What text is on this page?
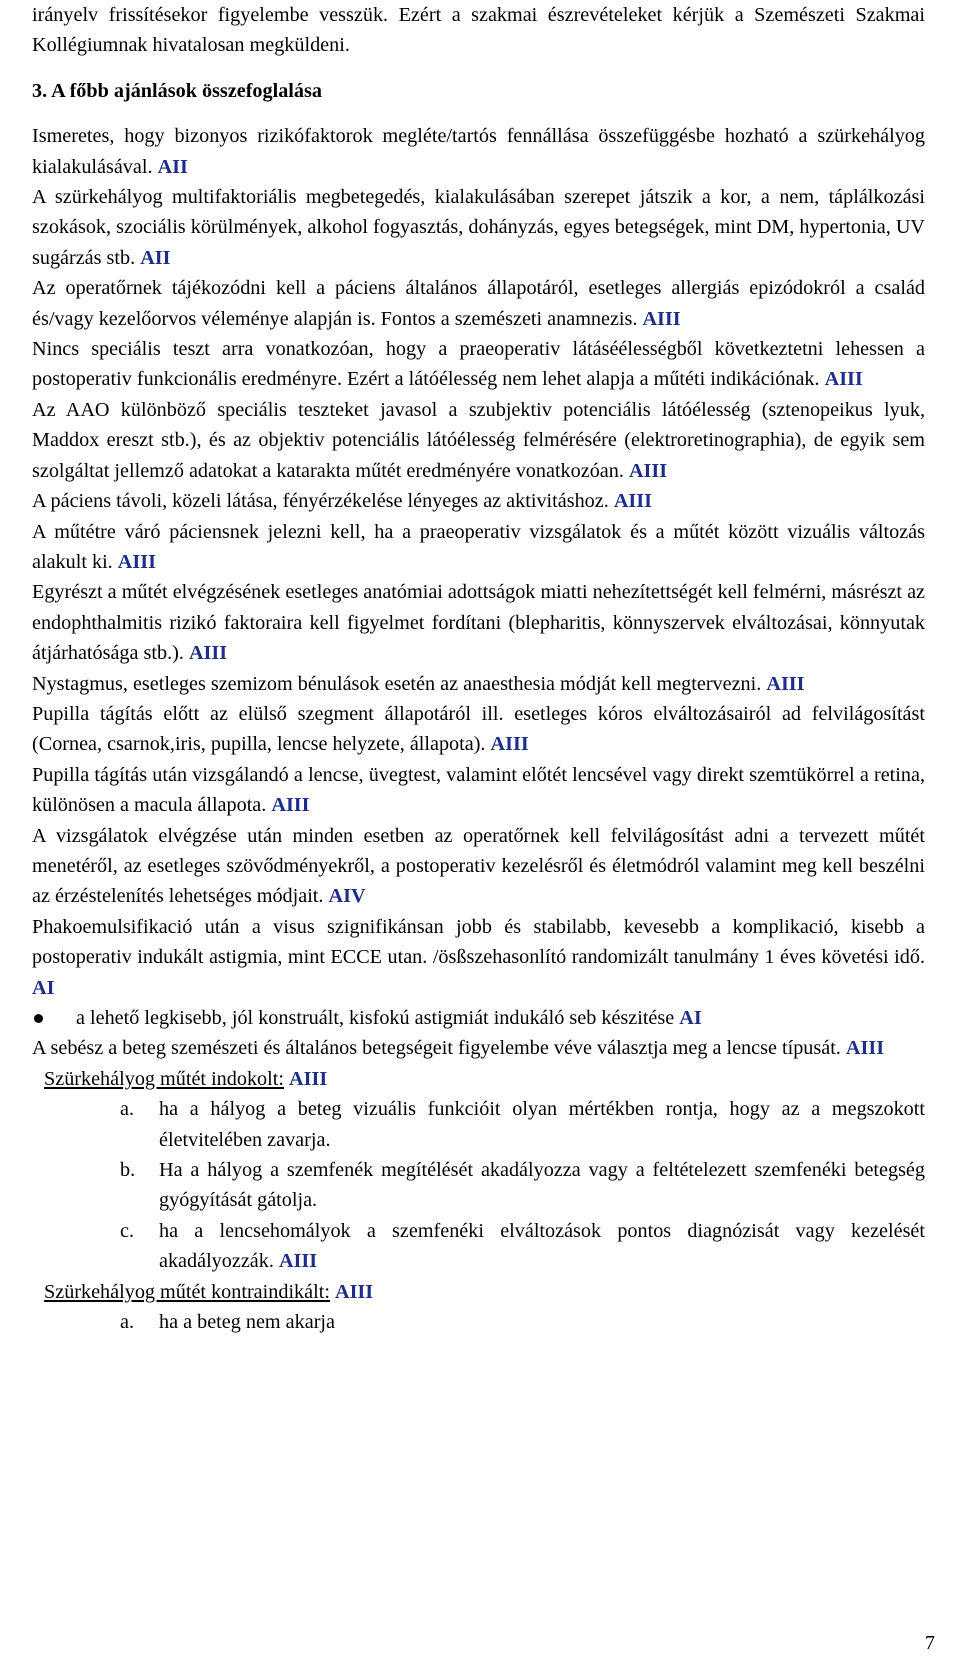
irányelv frissítésekor figyelembe vesszük. Ezért a szakmai észrevételeket kérjük a Szemészeti Szakmai Kollégiumnak hivatalosan megküldeni.

3. A főbb ajánlások összefoglalása

Ismeretes, hogy bizonyos rizikófaktorok megléte/tartós fennállása összefüggésbe hozható a szürkehályog kialakulásával. AII

A szürkehályog multifaktoriális megbetegedés, kialakulásában szerepet játszik a kor, a nem, táplálkozási szokások, szociális körülmények, alkohol fogyasztás, dohányzás, egyes betegségek, mint DM, hypertonia, UV sugárzás stb. AII

Az operatőrnek tájékozódni kell a páciens általános állapotáról, esetleges allergiás epizódokról a család és/vagy kezelőorvos véleménye alapján is. Fontos a szemészeti anamnezis. AIII

Nincs speciális teszt arra vonatkozóan, hogy a praeoperativ látáséélességből következtetni lehessen a postoperativ funkcionális eredményre. Ezért a látóélesség nem lehet alapja a műtéti indikációnak. AIII

Az AAO különböző speciális teszteket javasol a szubjektiv potenciális látóélesség (sztenopeikus lyuk, Maddox ereszt stb.), és az objektiv potenciális látóélesség felmérésére (elektroretinographia), de egyik sem szolgáltat jellemző adatokat a katarakta műtét eredményére vonatkozóan. AIII

A páciens távoli, közeli látása, fényérzékelése lényeges az aktivitáshoz. AIII

A műtétre váró páciensnek jelezni kell, ha a praeoperativ vizsgálatok és a műtét között vizuális változás alakult ki. AIII

Egyrészt a műtét elvégzésének esetleges anatómiai adottságok miatti nehezítettségét kell felmérni, másrészt az endophthalmitis rizikó faktoraira kell figyelmet fordítani (blepharitis, könnyszervek elváltozásai, könnyutak átjárhatósága stb.). AIII

Nystagmus, esetleges szemizom bénulások esetén az anaesthesia módját kell megtervezni. AIII

Pupilla tágítás előtt az elülső szegment állapotáról ill. esetleges kóros elváltozásairól ad felvilágosítást (Cornea, csarnok,iris, pupilla, lencse helyzete, állapota). AIII

Pupilla tágítás után vizsgálandó a lencse, üvegtest, valamint előtét lencsével vagy direkt szemtükörrel a retina, különösen a macula állapota. AIII

A vizsgálatok elvégzése után minden esetben az operatőrnek kell felvilágosítást adni a tervezett műtét menetéről, az esetleges szövődményekről, a postoperativ kezelésről és életmódról valamint meg kell beszélni az érzéstelenítés lehetséges módjait. AIV

Phakoemulsifikació után a visus szignifikánsan jobb és stabilabb, kevesebb a komplikació, kisebb a postoperativ indukált astigmia, mint ECCE utan. /ösßszehasonlító randomizált tanulmány 1 éves követési idő. AI

a lehető legkisebb, jól konstruált, kisfokú astigmiát indukáló seb készitése AI

A sebész a beteg szemészeti és általános betegségeit figyelembe véve választja meg a lencse típusát. AIII

Szürkehályog műtét indokolt: AIII

a. ha a hályog a beteg vizuális funkcióit olyan mértékben rontja, hogy az a megszokott életvitelében zavarja.

b. Ha a hályog a szemfenék megítélését akadályozza vagy a feltételezett szemfenéki betegség gyógyítását gátolja.

c. ha a lencsehomályok a szemfenéki elváltozások pontos diagnózisát vagy kezelését akadályozzák. AIII

Szürkehályog műtét kontraindikált: AIII

a. ha a beteg nem akarja

7
